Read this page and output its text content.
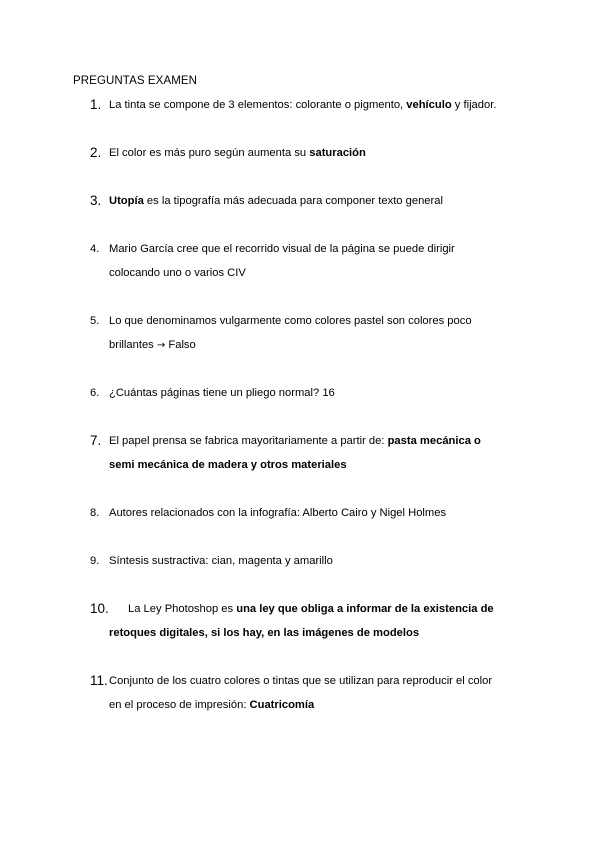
PREGUNTAS EXAMEN
1. La tinta se compone de 3 elementos: colorante o pigmento, vehículo y fijador.
2. El color es más puro según aumenta su saturación
3. Utopía es la tipografía más adecuada para componer texto general
4. Mario García cree que el recorrido visual de la página se puede dirigir
colocando uno o varios CIV
5. Lo que denominamos vulgarmente como colores pastel son colores poco
brillantes → Falso
6. ¿Cuántas páginas tiene un pliego normal? 16
7. El papel prensa se fabrica mayoritariamente a partir de: pasta mecánica o
semi mecánica de madera y otros materiales
8. Autores relacionados con la infografía: Alberto Cairo y Nigel Holmes
9. Síntesis sustractiva: cian, magenta y amarillo
10.	La Ley Photoshop es una ley que obliga a informar de la existencia de
retoques digitales, si los hay, en las imágenes de modelos
11. Conjunto de los cuatro colores o tintas que se utilizan para reproducir el color
en el proceso de impresión: Cuatricomía
